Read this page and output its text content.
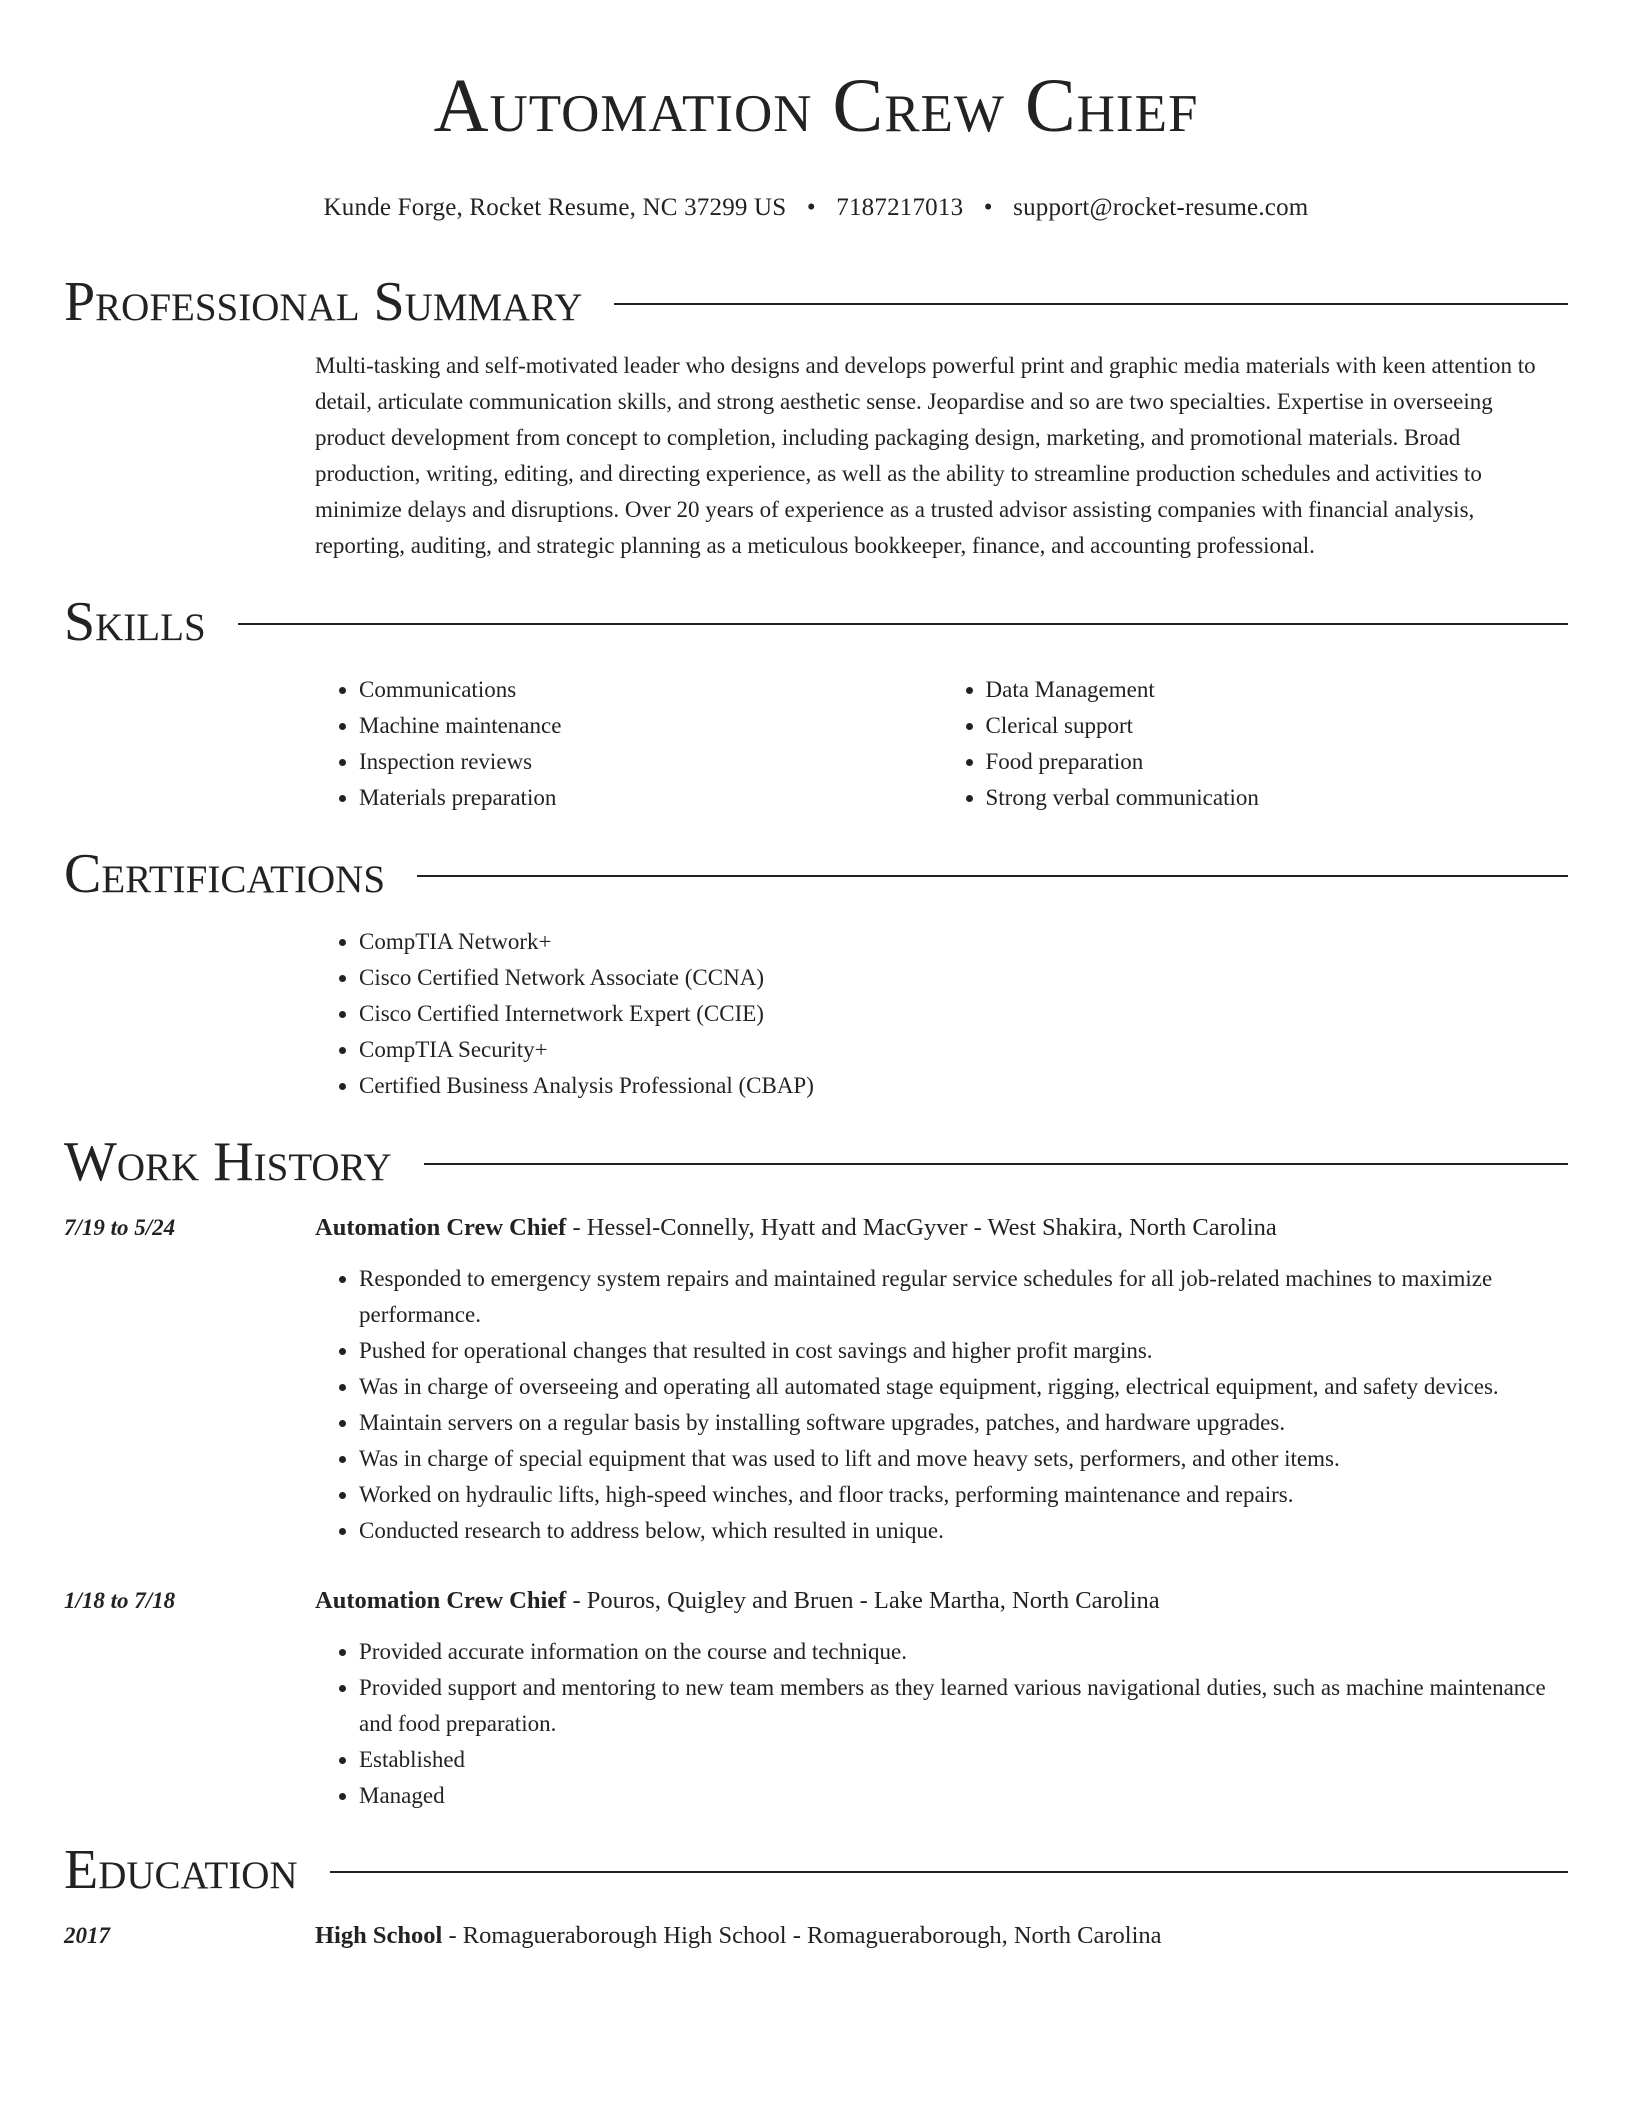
Automation Crew Chief
Kunde Forge, Rocket Resume, NC 37299 US • 7187217013 • support@rocket-resume.com
Professional Summary

Multi-tasking and self-motivated leader who designs and develops powerful print and graphic media materials with keen attention to detail, articulate communication skills, and strong aesthetic sense. Jeopardise and so are two specialties. Expertise in overseeing product development from concept to completion, including packaging design, marketing, and promotional materials. Broad production, writing, editing, and directing experience, as well as the ability to streamline production schedules and activities to minimize delays and disruptions. Over 20 years of experience as a trusted advisor assisting companies with financial analysis, reporting, auditing, and strategic planning as a meticulous bookkeeper, finance, and accounting professional.

Skills
• Communications
• Machine maintenance
• Inspection reviews
• Materials preparation
• Data Management
• Clerical support
• Food preparation
• Strong verbal communication
Certifications
• CompTIA Network+
• Cisco Certified Network Associate (CCNA)
• Cisco Certified Internetwork Expert (CCIE)
• CompTIA Security+
• Certified Business Analysis Professional (CBAP)
Work History
7/19 to 5/24	Automation Crew Chief - Hessel-Connelly, Hyatt and MacGyver - West Shakira, North Carolina
• Responded to emergency system repairs and maintained regular service schedules for all job-related machines to maximize performance.
• Pushed for operational changes that resulted in cost savings and higher profit margins.
• Was in charge of overseeing and operating all automated stage equipment, rigging, electrical equipment, and safety devices.
• Maintain servers on a regular basis by installing software upgrades, patches, and hardware upgrades.
• Was in charge of special equipment that was used to lift and move heavy sets, performers, and other items.
• Worked on hydraulic lifts, high-speed winches, and floor tracks, performing maintenance and repairs.
• Conducted research to address below, which resulted in unique.
1/18 to 7/18	Automation Crew Chief - Pouros, Quigley and Bruen - Lake Martha, North Carolina
• Provided accurate information on the course and technique.
• Provided support and mentoring to new team members as they learned various navigational duties, such as machine maintenance and food preparation.
• Established
• Managed
Education
2017	High School - Romagueraborough High School - Romagueraborough, North Carolina
